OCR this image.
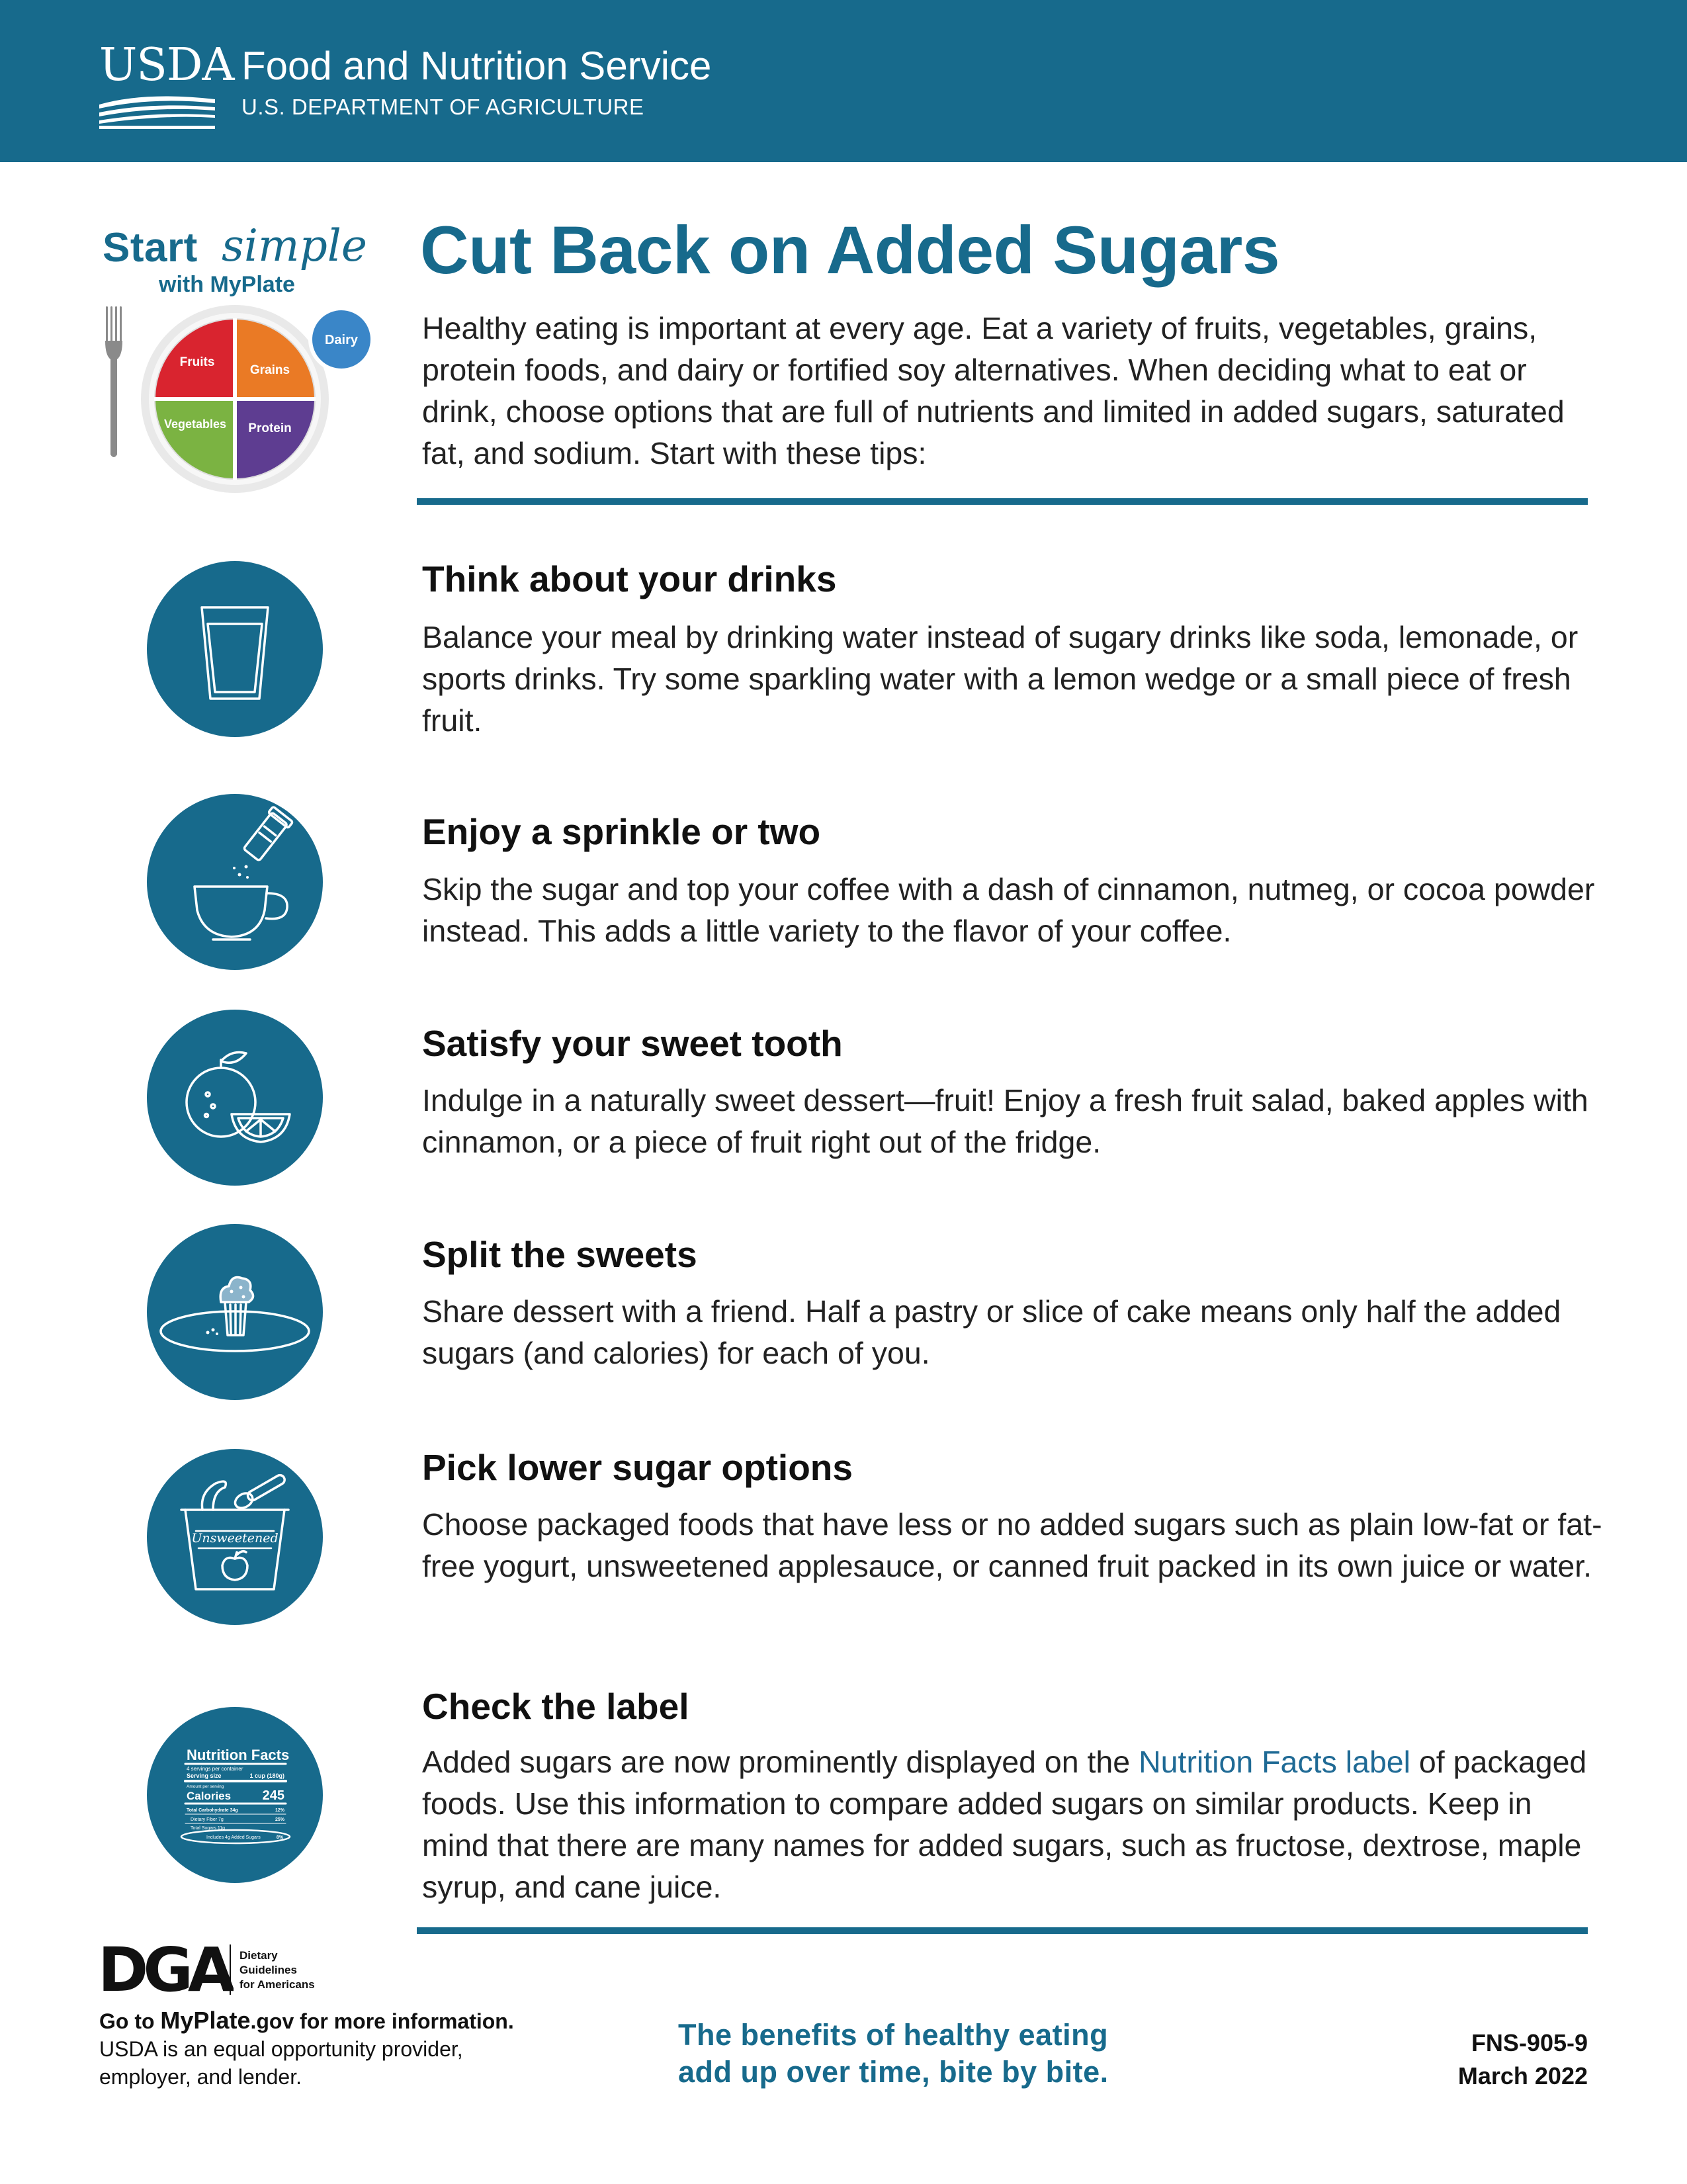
USDA Food and Nutrition Service
U.S. DEPARTMENT OF AGRICULTURE
Start simple
with MyPlate
Fruits
Grains
Vegetables Protein
Dairy
Cut Back on Added Sugars

Healthy eating is important at every age. Eat a variety of fruits, vegetables, grains, protein foods, and dairy or fortified soy alternatives. When deciding what to eat or drink, choose options that are full of nutrients and limited in added sugars, saturated fat, and sodium. Start with these tips:

Think about your drinks

Balance your meal by drinking water instead of sugary drinks like soda, lemonade, or sports drinks. Try some sparkling water with a lemon wedge or a small piece of fresh fruit.

Enjoy a sprinkle or two

Skip the sugar and top your coffee with a dash of cinnamon, nutmeg, or cocoa powder instead. This adds a little variety to the flavor of your coffee.

Satisfy your sweet tooth

Indulge in a naturally sweet dessert—fruit! Enjoy a fresh fruit salad, baked apples with cinnamon, or a piece of fruit right out of the fridge.

Split the sweets

Share dessert with a friend. Half a pastry or slice of cake means only half the added sugars (and calories) for each of you.

Unsweetened
Pick lower sugar options

Choose packaged foods that have less or no added sugars such as plain low-fat or fat-free yogurt, unsweetened applesauce, or canned fruit packed in its own juice or water.

Nutrition Facts
4 servings per container
Serving size	1 cup (180g)
Amount per serving
Calories 245
Total Carbohydrate 34g	12%
Dietary Fiber 7g	25%
Total Sugars 11g
Includes 4g Added Sugars	8%
Check the label

Added sugars are now prominently displayed on the Nutrition Facts label of packaged foods. Use this information to compare added sugars on similar products. Keep in mind that there are many names for added sugars, such as fructose, dextrose, maple syrup, and cane juice.

DGA Dietary
Guidelines
for Americans
Go to MyPlate.gov for more information.
USDA is an equal opportunity provider,
employer, and lender.
The benefits of healthy eating
add up over time, bite by bite.
FNS-905-9
March 2022
